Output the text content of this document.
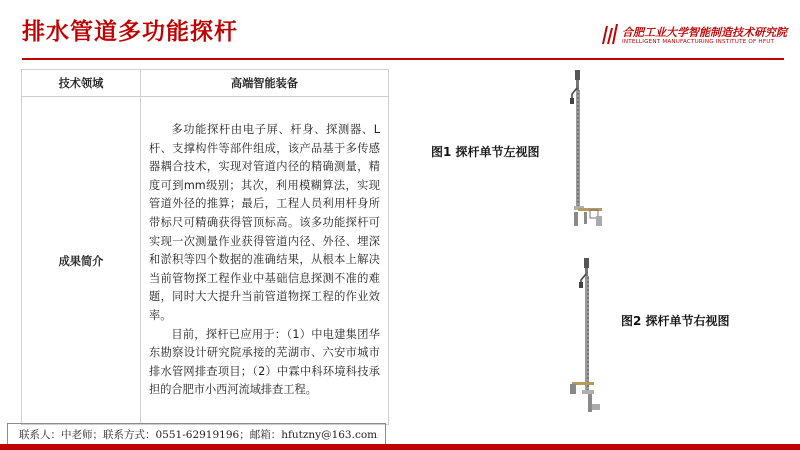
排水管道多功能探杆	合肥工业大学智能制造技术研究院
INTELLIGENT MANUFACTURING INSTITUTE OF HFUT
技术领域	高端智能装备
成果简介	多功能探杆由电子屏、杆身、探测器、L杆、支撑构件等部件组成，该产品基于多传感器耦合技术，实现对管道内径的精确测量，精度可到mm级别；其次，利用模糊算法，实现管道外径的推算；最后，工程人员利用杆身所带标尺可精确获得管顶标高。该多功能探杆可实现一次测量作业获得管道内径、外径、埋深和淤积等四个数据的准确结果，从根本上解决当前管物探工程作业中基础信息探测不准的难题，同时大大提升当前管道物探工程的作业效率。

目前，探杆已应用于：（1）中电建集团华东勘察设计研究院承接的芜湖市、六安市城市排水管网排查项目；（2）中霖中科环境科技承担的合肥市小西河流域排查工程。

图1 探杆单节左视图
图2 探杆单节右视图
联系人：中老师；联系方式：0551-62919196；邮箱：hfutzny@163.com
